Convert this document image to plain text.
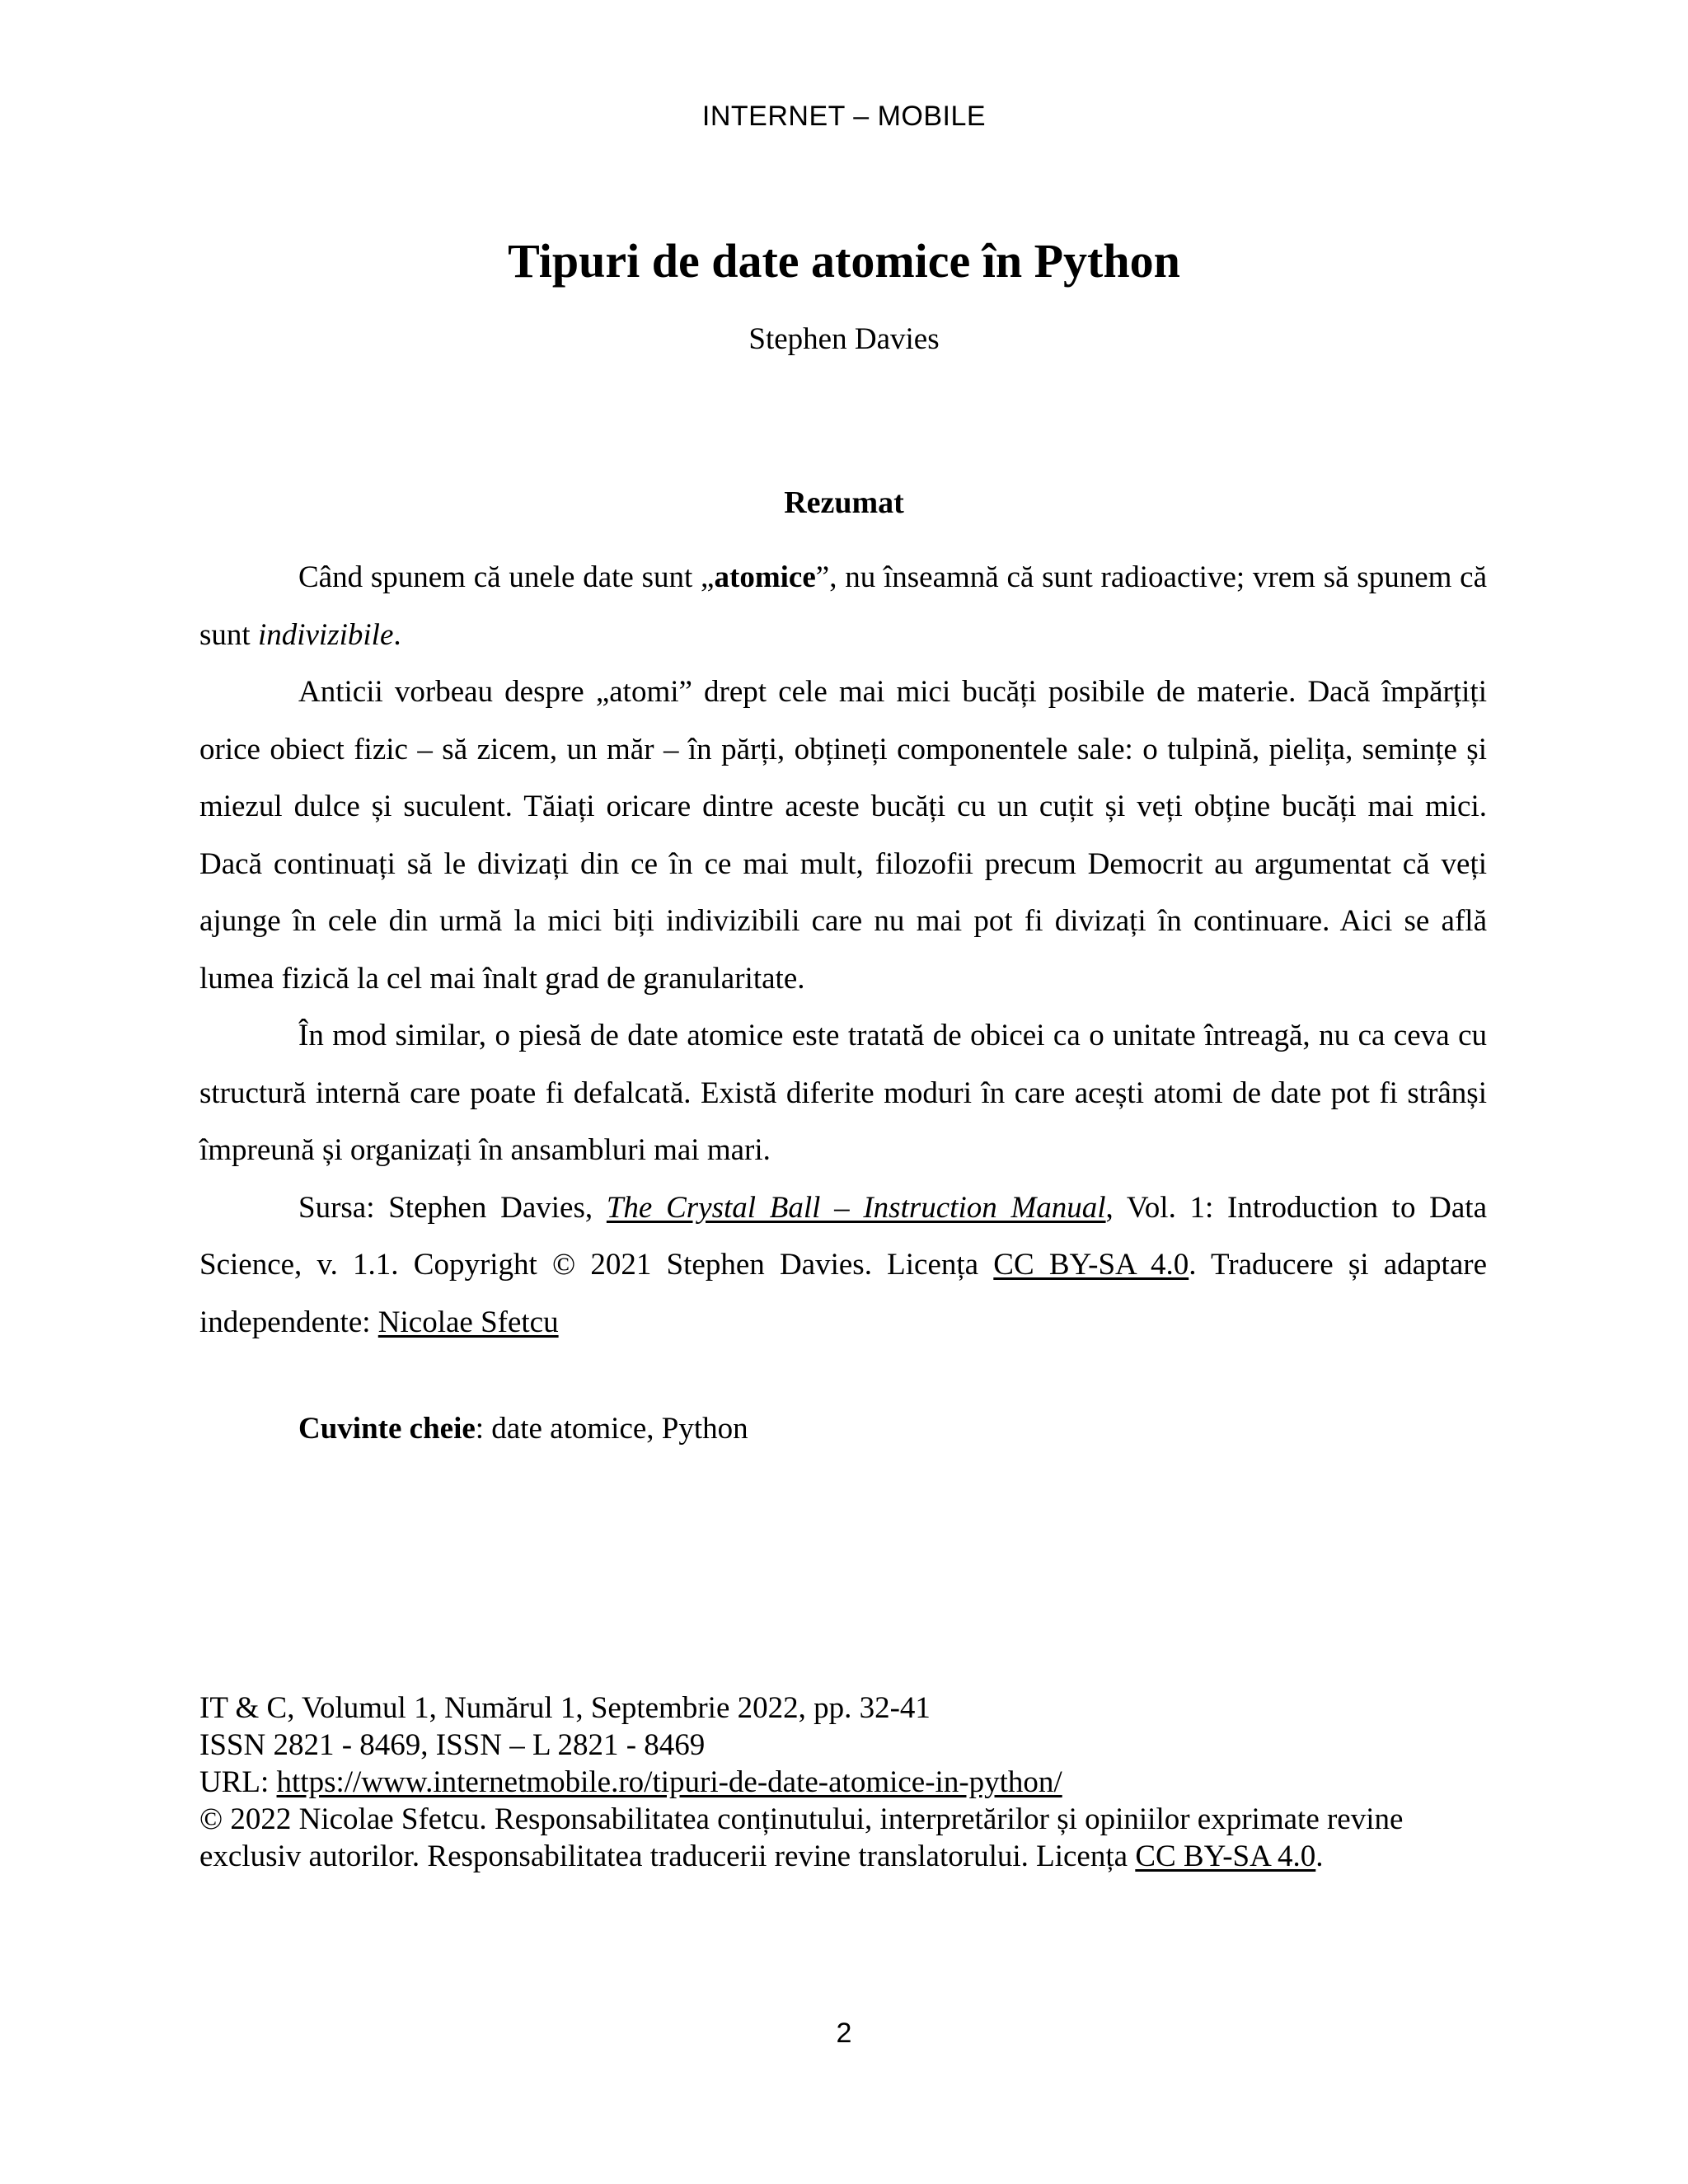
INTERNET – MOBILE
Tipuri de date atomice în Python
Stephen Davies
Rezumat

Când spunem că unele date sunt „atomice”, nu înseamnă că sunt radioactive; vrem să spunem că sunt indivizibile.

Anticii vorbeau despre „atomi” drept cele mai mici bucăți posibile de materie. Dacă împărțiți orice obiect fizic – să zicem, un măr – în părți, obțineți componentele sale: o tulpină, pielița, semințe și miezul dulce și suculent. Tăiați oricare dintre aceste bucăți cu un cuțit și veți obține bucăți mai mici. Dacă continuați să le divizați din ce în ce mai mult, filozofii precum Democrit au argumentat că veți ajunge în cele din urmă la mici biți indivizibili care nu mai pot fi divizați în continuare. Aici se află lumea fizică la cel mai înalt grad de granularitate.

În mod similar, o piesă de date atomice este tratată de obicei ca o unitate întreagă, nu ca ceva cu structură internă care poate fi defalcată. Există diferite moduri în care acești atomi de date pot fi strânși împreună și organizați în ansambluri mai mari.

Sursa: Stephen Davies, The Crystal Ball – Instruction Manual, Vol. 1: Introduction to Data Science, v. 1.1. Copyright © 2021 Stephen Davies. Licența CC BY-SA 4.0. Traducere și adaptare independente: Nicolae Sfetcu

Cuvinte cheie: date atomice, Python
IT & C, Volumul 1, Numărul 1, Septembrie 2022, pp. 32-41
ISSN 2821 - 8469, ISSN – L 2821 - 8469
URL: https://www.internetmobile.ro/tipuri-de-date-atomice-in-python/
© 2022 Nicolae Sfetcu. Responsabilitatea conținutului, interpretărilor și opiniilor exprimate revine exclusiv autorilor. Responsabilitatea traducerii revine translatorului. Licența CC BY-SA 4.0.
2
